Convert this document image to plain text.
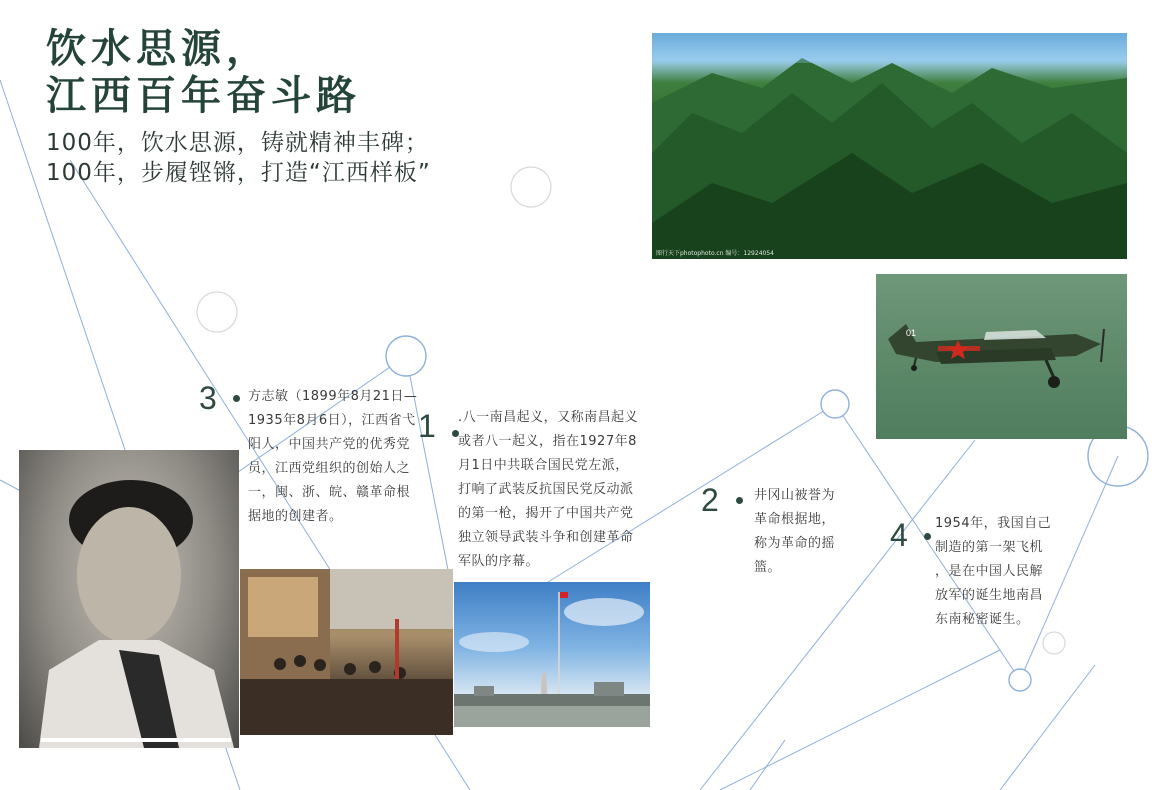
饮水思源，
江西百年奋斗路
100年，饮水思源，铸就精神丰碑；
100年，步履铿锵，打造“江西样板”
图行天下photophoto.cn 编号：12924054
01
3 方志敏（1899年8月21日—
1935年8月6日），江西省弋
阳人，中国共产党的优秀党
员，江西党组织的创始人之
一，闽、浙、皖、赣革命根
据地的创建者。
1 .八一南昌起义，又称南昌起义
或者八一起义，指在1927年8
月1日中共联合国民党左派，
打响了武装反抗国民党反动派
的第一枪，揭开了中国共产党
独立领导武装斗争和创建革命
军队的序幕。
2	井冈山被誉为
革命根据地，
称为革命的摇
篮。
4 1954年，我国自己
制造的第一架飞机
，是在中国人民解
放军的诞生地南昌
东南秘密诞生。
